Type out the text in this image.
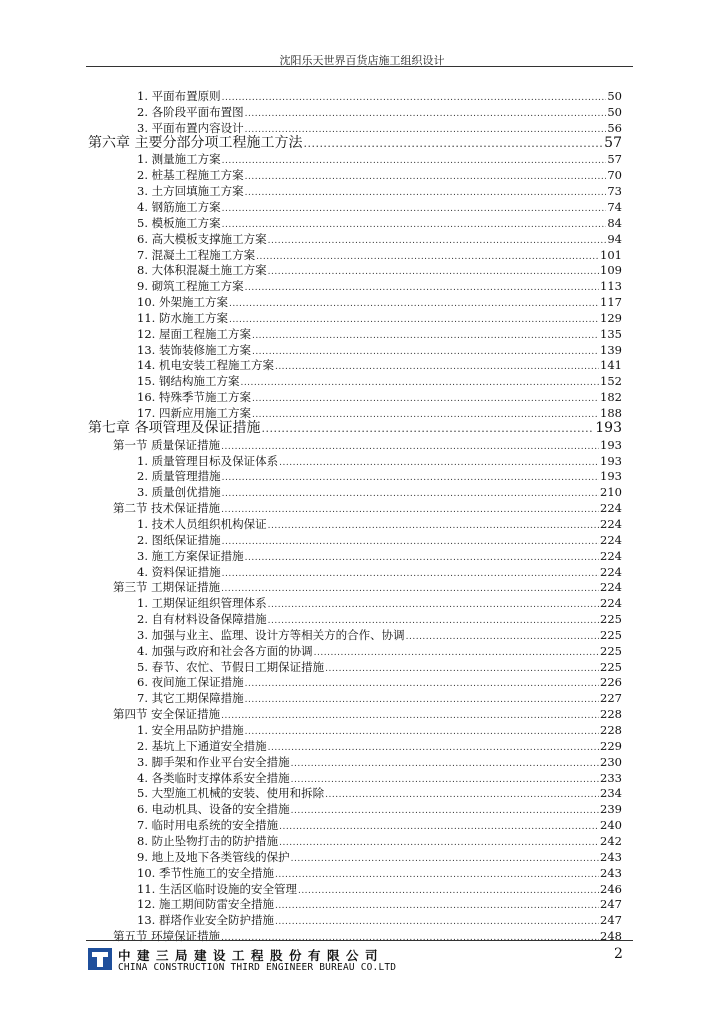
沈阳乐天世界百货店施工组织设计
1. 平面布置原则 .....	50
2. 各阶段平面布置图 .....	50
3. 平面布置内容设计 .....	56
第六章 主要分部分项工程施工方法 .....	57
1. 测量施工方案 .....	57
2. 桩基工程施工方案 .....	70
3. 土方回填施工方案 .....	73
4. 钢筋施工方案 .....	74
5. 模板施工方案 .....	84
6. 高大模板支撑施工方案 .....	94
7. 混凝土工程施工方案 .....	101
8. 大体积混凝土施工方案 .....	109
9. 砌筑工程施工方案 .....	113
10. 外架施工方案 .....	117
11. 防水施工方案 .....	129
12. 屋面工程施工方案 .....	135
13. 装饰装修施工方案 .....	139
14. 机电安装工程施工方案 .....	141
15. 钢结构施工方案 .....	152
16. 特殊季节施工方案 .....	182
17. 四新应用施工方案 .....	188
第七章 各项管理及保证措施 .....	193
第一节 质量保证措施 .....	193
1. 质量管理目标及保证体系 .....	193
2. 质量管理措施 .....	193
3. 质量创优措施 .....	210
第二节 技术保证措施 .....	224
1. 技术人员组织机构保证 .....	224
2. 图纸保证措施 .....	224
3. 施工方案保证措施 .....	224
4. 资料保证措施 .....	224
第三节 工期保证措施 .....	224
1. 工期保证组织管理体系 .....	224
2. 自有材料设备保障措施 .....	225
3. 加强与业主、监理、设计方等相关方的合作、协调 .....	225
4. 加强与政府和社会各方面的协调 .....	225
5. 春节、农忙、节假日工期保证措施 .....	225
6. 夜间施工保证措施 .....	226
7. 其它工期保障措施 .....	227
第四节 安全保证措施 .....	228
1. 安全用品防护措施 .....	228
2. 基坑上下通道安全措施 .....	229
3. 脚手架和作业平台安全措施 .....	230
4. 各类临时支撑体系安全措施 .....	233
5. 大型施工机械的安装、使用和拆除 .....	234
6. 电动机具、设备的安全措施 .....	239
7. 临时用电系统的安全措施 .....	240
8. 防止坠物打击的防护措施 .....	242
9. 地上及地下各类管线的保护 .....	243
10. 季节性施工的安全措施 .....	243
11. 生活区临时设施的安全管理 .....	246
12. 施工期间防雷安全措施 .....	247
13. 群塔作业安全防护措施 .....	247
第五节 环境保证措施 .....	248
中建三局建设工程股份有限公司
CHINA CONSTRUCTION THIRD ENGINEER BUREAU CO.LTD
2
